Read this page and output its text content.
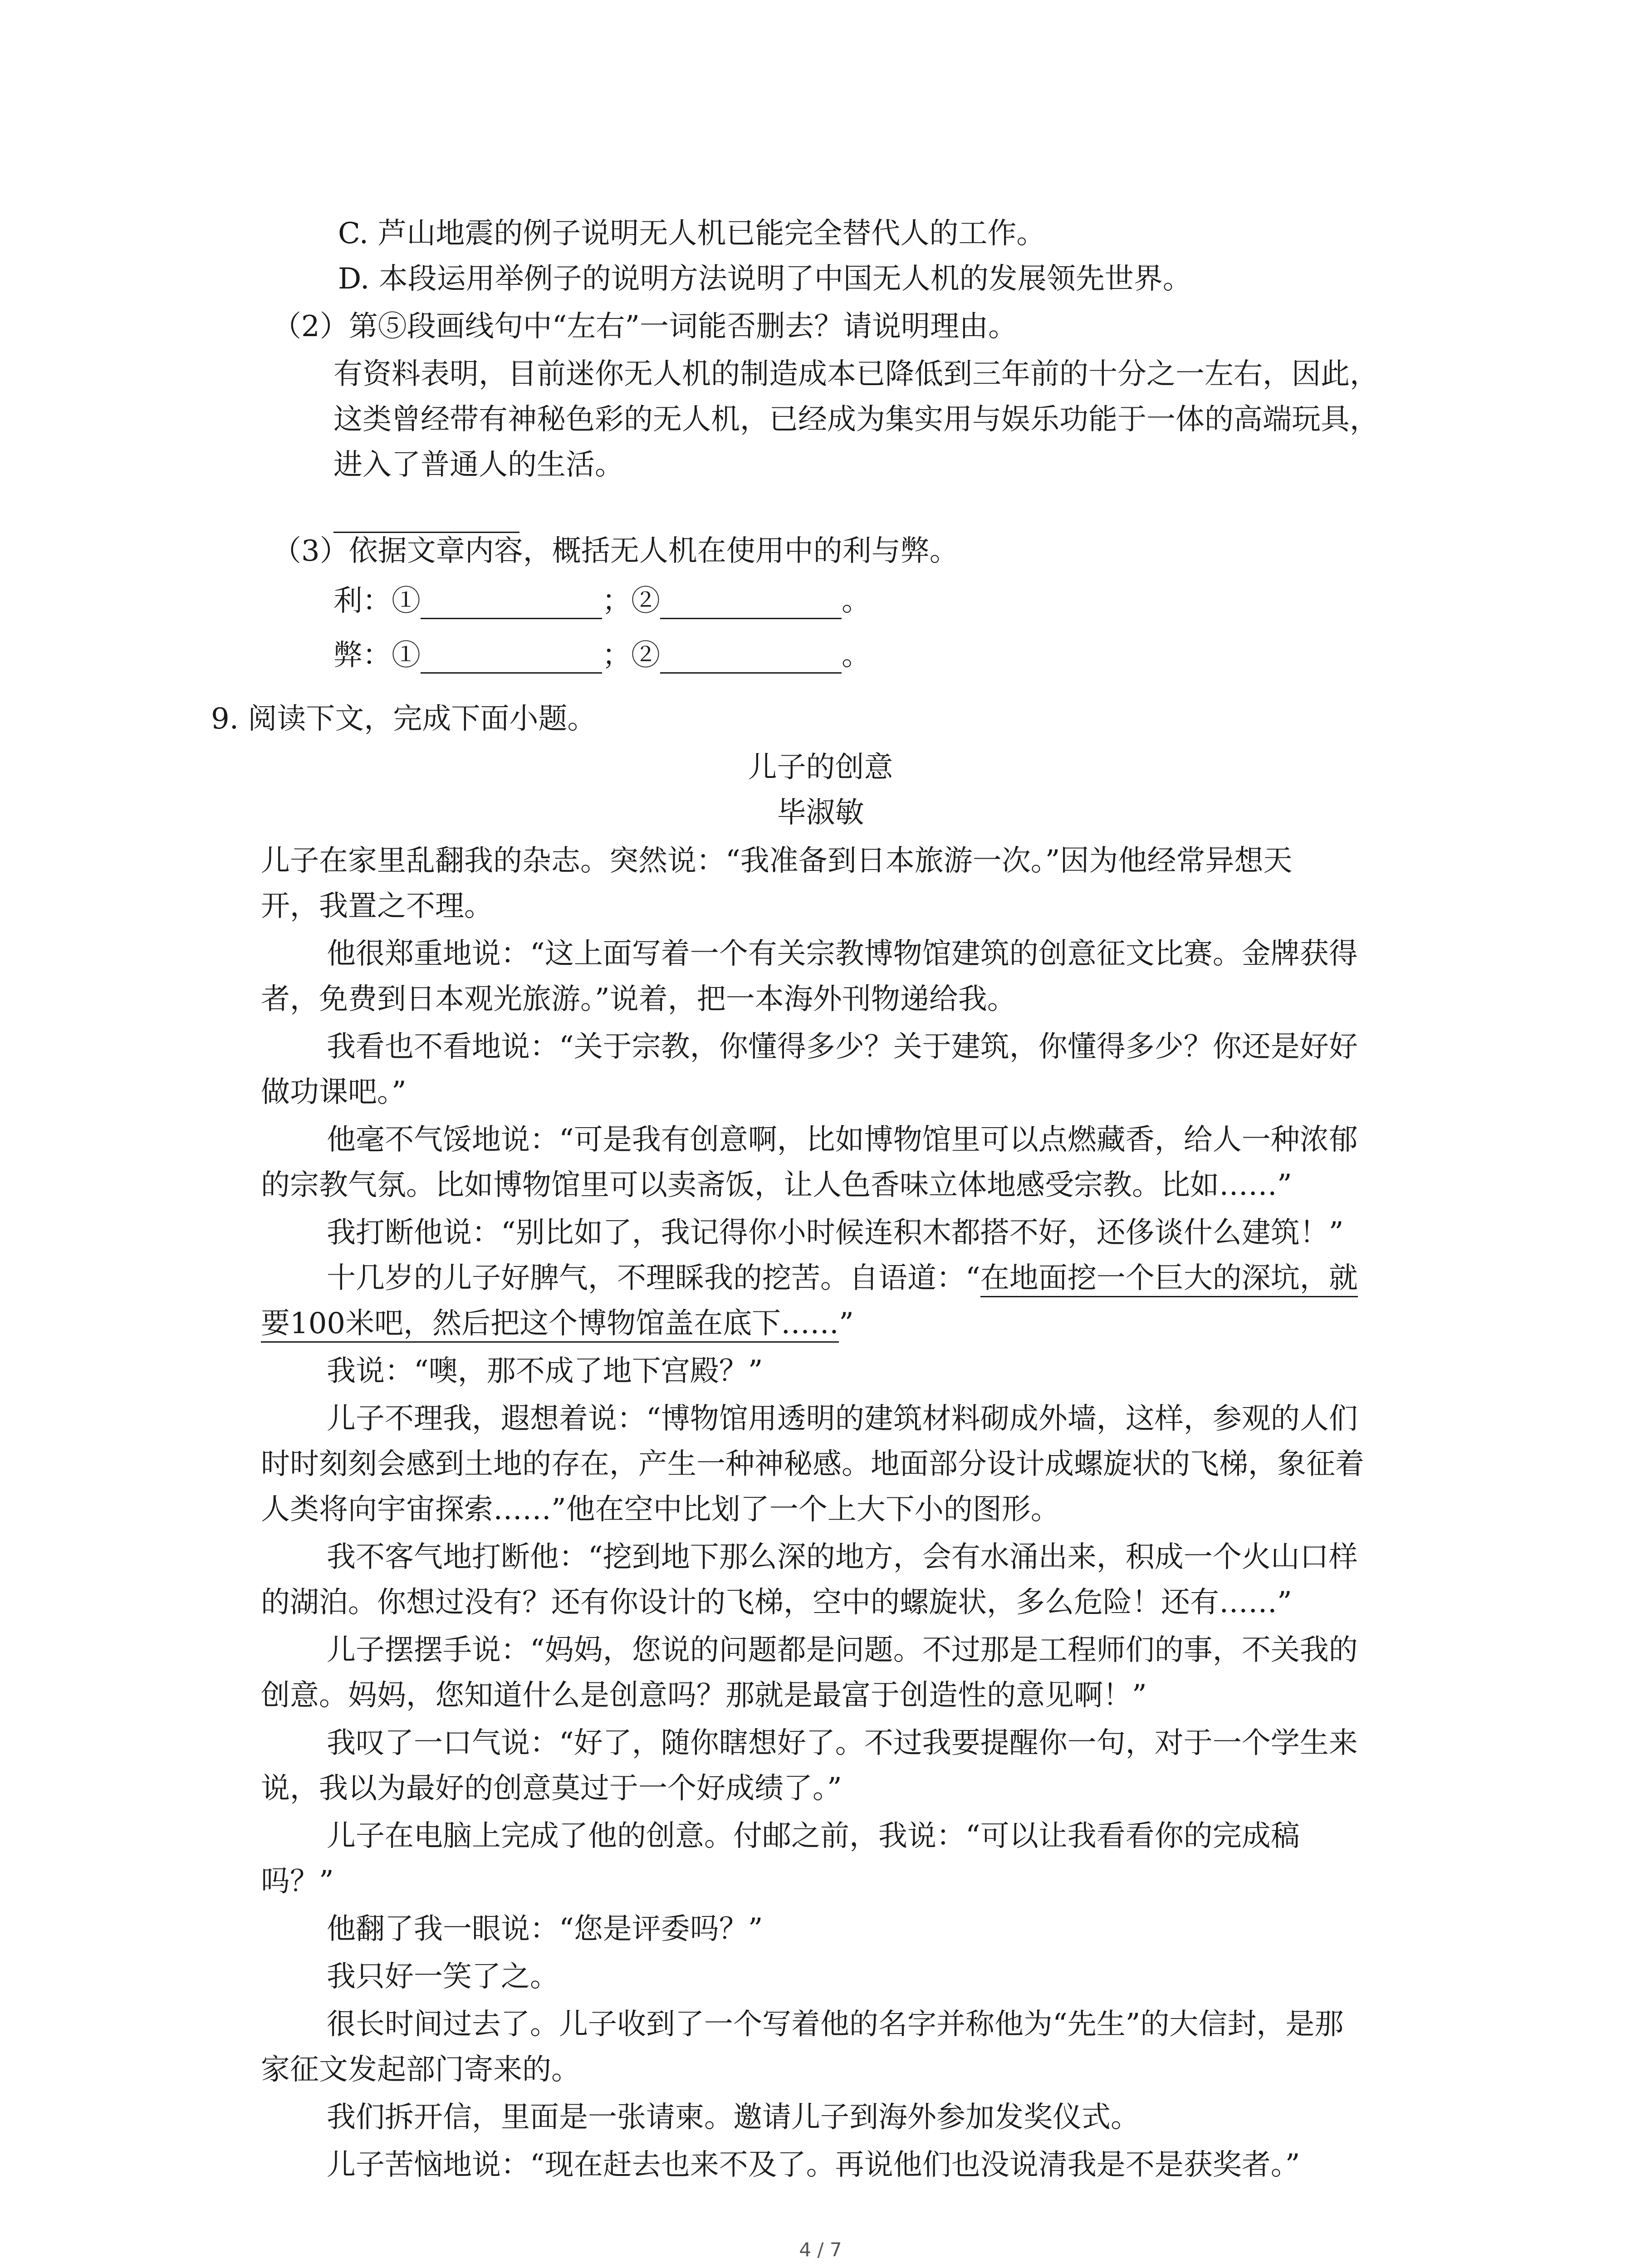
C. 芦山地震的例子说明无人机已能完全替代人的工作。
D. 本段运用举例子的说明方法说明了中国无人机的发展领先世界。
（2）第⑤段画线句中“左右”一词能否删去？请说明理由。
有资料表明，目前迷你无人机的制造成本已降低到三年前的十分之一左右，因此，
这类曾经带有神秘色彩的无人机，已经成为集实用与娱乐功能于一体的高端玩具，
进入了普通人的生活。
（3）依据文章内容，概括无人机在使用中的利与弊。
利：①	；②	。
弊：①	；②	。
9. 阅读下文，完成下面小题。
儿子的创意
毕淑敏
儿子在家里乱翻我的杂志。突然说：“我准备到日本旅游一次。”因为他经常异想天
开，我置之不理。
他很郑重地说：“这上面写着一个有关宗教博物馆建筑的创意征文比赛。金牌获得
者，免费到日本观光旅游。”说着，把一本海外刊物递给我。
我看也不看地说：“关于宗教，你懂得多少？关于建筑，你懂得多少？你还是好好
做功课吧。”
他毫不气馁地说：“可是我有创意啊，比如博物馆里可以点燃藏香，给人一种浓郁
的宗教气氛。比如博物馆里可以卖斋饭，让人色香味立体地感受宗教。比如……”
我打断他说：“别比如了，我记得你小时候连积木都搭不好，还侈谈什么建筑！”
十几岁的儿子好脾气，不理睬我的挖苦。自语道：“在地面挖一个巨大的深坑，就
要100米吧，然后把这个博物馆盖在底下……”
我说：“噢，那不成了地下宫殿？”
儿子不理我，遐想着说：“博物馆用透明的建筑材料砌成外墙，这样，参观的人们
时时刻刻会感到土地的存在，产生一种神秘感。地面部分设计成螺旋状的飞梯，象征着
人类将向宇宙探索……”他在空中比划了一个上大下小的图形。
我不客气地打断他：“挖到地下那么深的地方，会有水涌出来，积成一个火山口样
的湖泊。你想过没有？还有你设计的飞梯，空中的螺旋状，多么危险！还有……”
儿子摆摆手说：“妈妈，您说的问题都是问题。不过那是工程师们的事，不关我的
创意。妈妈，您知道什么是创意吗？那就是最富于创造性的意见啊！”
我叹了一口气说：“好了，随你瞎想好了。不过我要提醒你一句，对于一个学生来
说，我以为最好的创意莫过于一个好成绩了。”
儿子在电脑上完成了他的创意。付邮之前，我说：“可以让我看看你的完成稿
吗？”
他翻了我一眼说：“您是评委吗？”
我只好一笑了之。
很长时间过去了。儿子收到了一个写着他的名字并称他为“先生”的大信封，是那
家征文发起部门寄来的。
我们拆开信，里面是一张请柬。邀请儿子到海外参加发奖仪式。
儿子苦恼地说：“现在赶去也来不及了。再说他们也没说清我是不是获奖者。”
4 / 7
